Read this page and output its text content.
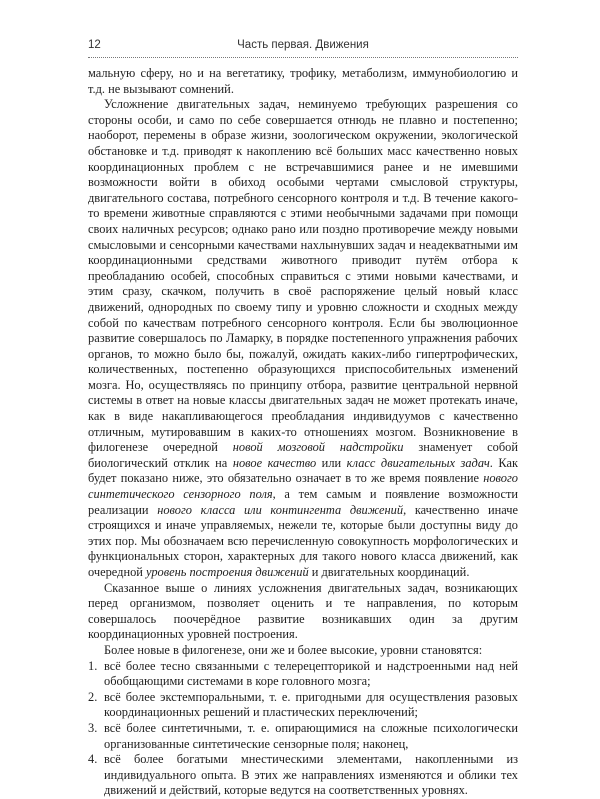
12	Часть первая. Движения

мальную сферу, но и на вегетатику, трофику, метаболизм, иммунобиологию и т.д. не вызывают сомнений.

Усложнение двигательных задач, неминуемо требующих разрешения со стороны особи, и само по себе совершается отнюдь не плавно и постепенно; наоборот, перемены в образе жизни, зоологическом окружении, экологической обстановке и т.д. приводят к накоплению всё больших масс качественно новых координационных проблем с не встречавшимися ранее и не имевшими возможности войти в обиход особыми чертами смысловой структуры, двигательного состава, потребного сенсорного контроля и т.д. В течение какого-то времени животные справляются с этими необычными задачами при помощи своих наличных ресурсов; однако рано или поздно противоречие между новыми смысловыми и сенсорными качествами нахлынувших задач и неадекватными им координационными средствами животного приводит путём отбора к преобладанию особей, способных справиться с этими новыми качествами, и этим сразу, скачком, получить в своё распоряжение целый новый класс движений, однородных по своему типу и уровню сложности и сходных между собой по качествам потребного сенсорного контроля. Если бы эволюционное развитие совершалось по Ламарку, в порядке постепенного упражнения рабочих органов, то можно было бы, пожалуй, ожидать каких-либо гипертрофических, количественных, постепенно образующихся приспособительных изменений мозга. Но, осуществляясь по принципу отбора, развитие центральной нервной системы в ответ на новые классы двигательных задач не может протекать иначе, как в виде накапливающегося преобладания индивидуумов с качественно отличным, мутировавшим в каких-то отношениях мозгом. Возникновение в филогенезе очередной новой мозговой надстройки знаменует собой биологический отклик на новое качество или класс двигательных задач. Как будет показано ниже, это обязательно означает в то же время появление нового синтетического сензорного поля, а тем самым и появление возможности реализации нового класса или контингента движений, качественно иначе строящихся и иначе управляемых, нежели те, которые были доступны виду до этих пор. Мы обозначаем всю перечисленную совокупность морфологических и функциональных сторон, характерных для такого нового класса движений, как очередной уровень построения движений и двигательных координаций.

Сказанное выше о линиях усложнения двигательных задач, возникающих перед организмом, позволяет оценить и те направления, по которым совершалось поочерёдное развитие возникавших один за другим координационных уровней построения.

Более новые в филогенезе, они же и более высокие, уровни становятся:

1. всё более тесно связанными с телерецепторикой и надстроенными над ней обобщающими системами в коре головного мозга;
2. всё более экстемпоральными, т. е. пригодными для осуществления разовых координационных решений и пластических переключений;
3. всё более синтетичными, т. е. опирающимися на сложные психологически организованные синтетические сензорные поля; наконец,
4. всё более богатыми мнестическими элементами, накопленными из индивидуального опыта. В этих же направлениях изменяются и облики тех движений и действий, которые ведутся на соответственных уровнях.
